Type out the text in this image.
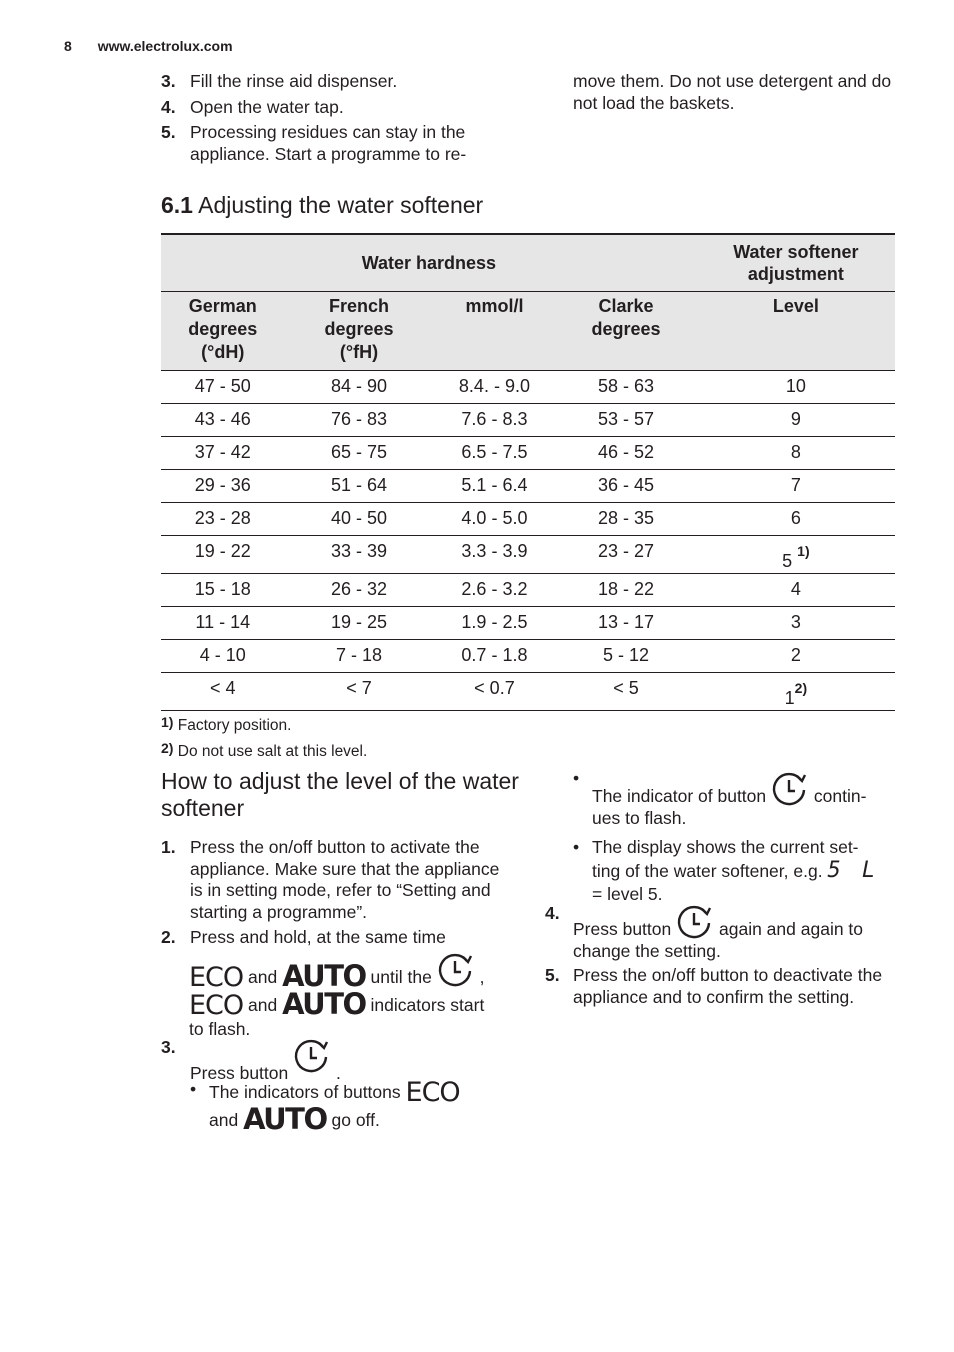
8 www.electrolux.com
3. Fill the rinse aid dispenser.
4. Open the water tap.
5. Processing residues can stay in the appliance. Start a programme to re-
move them. Do not use detergent and do not load the baskets.
6.1 Adjusting the water softener
Water hardness				Water softener adjustment
German degrees (°dH)	French degrees (°fH)	mmol/l	Clarke degrees	Level
47 - 50	84 - 90	8.4. - 9.0	58 - 63	10
43 - 46	76 - 83	7.6 - 8.3	53 - 57	9
37 - 42	65 - 75	6.5 - 7.5	46 - 52	8
29 - 36	51 - 64	5.1 - 6.4	36 - 45	7
23 - 28	40 - 50	4.0 - 5.0	28 - 35	6
19 - 22	33 - 39	3.3 - 3.9	23 - 27	5 $^{1)}$
15 - 18	26 - 32	2.6 - 3.2	18 - 22	4
11 - 14	19 - 25	1.9 - 2.5	13 - 17	3
4 - 10	7 - 18	0.7 - 1.8	5 - 12	2
< 4	< 7	< 0.7	< 5	1$^{2)}$
$^{1)}$ Factory position.
$^{2)}$ Do not use salt at this level.
How to adjust the level of the water softener
1. Press the on/off button to activate the appliance. Make sure that the appliance is in setting mode, refer to “Setting and starting a programme”.
2. Press and hold, at the same time
ECO and AUTO until the	,
ECO and AUTO indicators start
to flash.
3.
Press button	.
• The indicators of buttons ECO
and AUTO go off.
•
The indicator of button	contin-
ues to flash.
• The display shows the current set-
ting of the water softener, e.g. 5 L
= level 5.
4.
Press button	again and again to
change the setting.
5. Press the on/off button to deactivate the appliance and to confirm the setting.
